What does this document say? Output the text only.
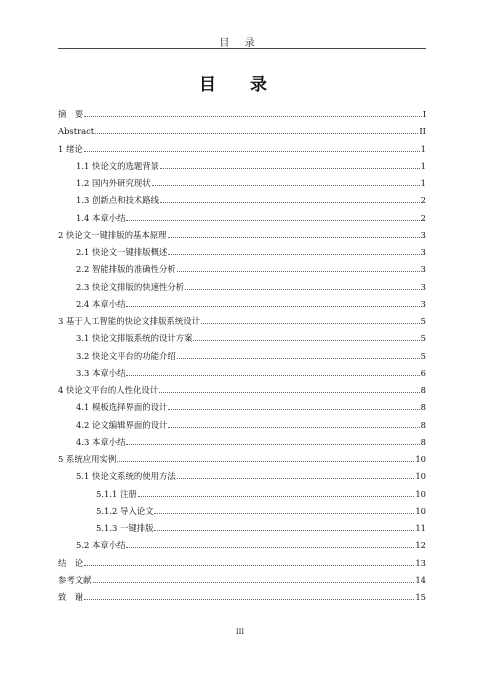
目 录
目 录
摘　要	I
Abstract	II
1 绪论	1
1.1 快论文的选题背景	1
1.2 国内外研究现状	1
1.3 创新点和技术路线	2
1.4 本章小结	2
2 快论文一键排版的基本原理	3
2.1 快论文一键排版概述	3
2.2 智能排版的准确性分析	3
2.3 快论文排版的快速性分析	3
2.4 本章小结	3
3 基于人工智能的快论文排版系统设计	5
3.1 快论文排版系统的设计方案	5
3.2 快论文平台的功能介绍	5
3.3 本章小结	6
4 快论文平台的人性化设计	8
4.1 模板选择界面的设计	8
4.2 论文编辑界面的设计	8
4.3 本章小结	8
5 系统应用实例	10
5.1 快论文系统的使用方法	10
5.1.1 注册	10
5.1.2 导入论文	10
5.1.3 一键排版	11
5.2 本章小结	12
结　论	13
参考文献	14
致　谢	15
III
